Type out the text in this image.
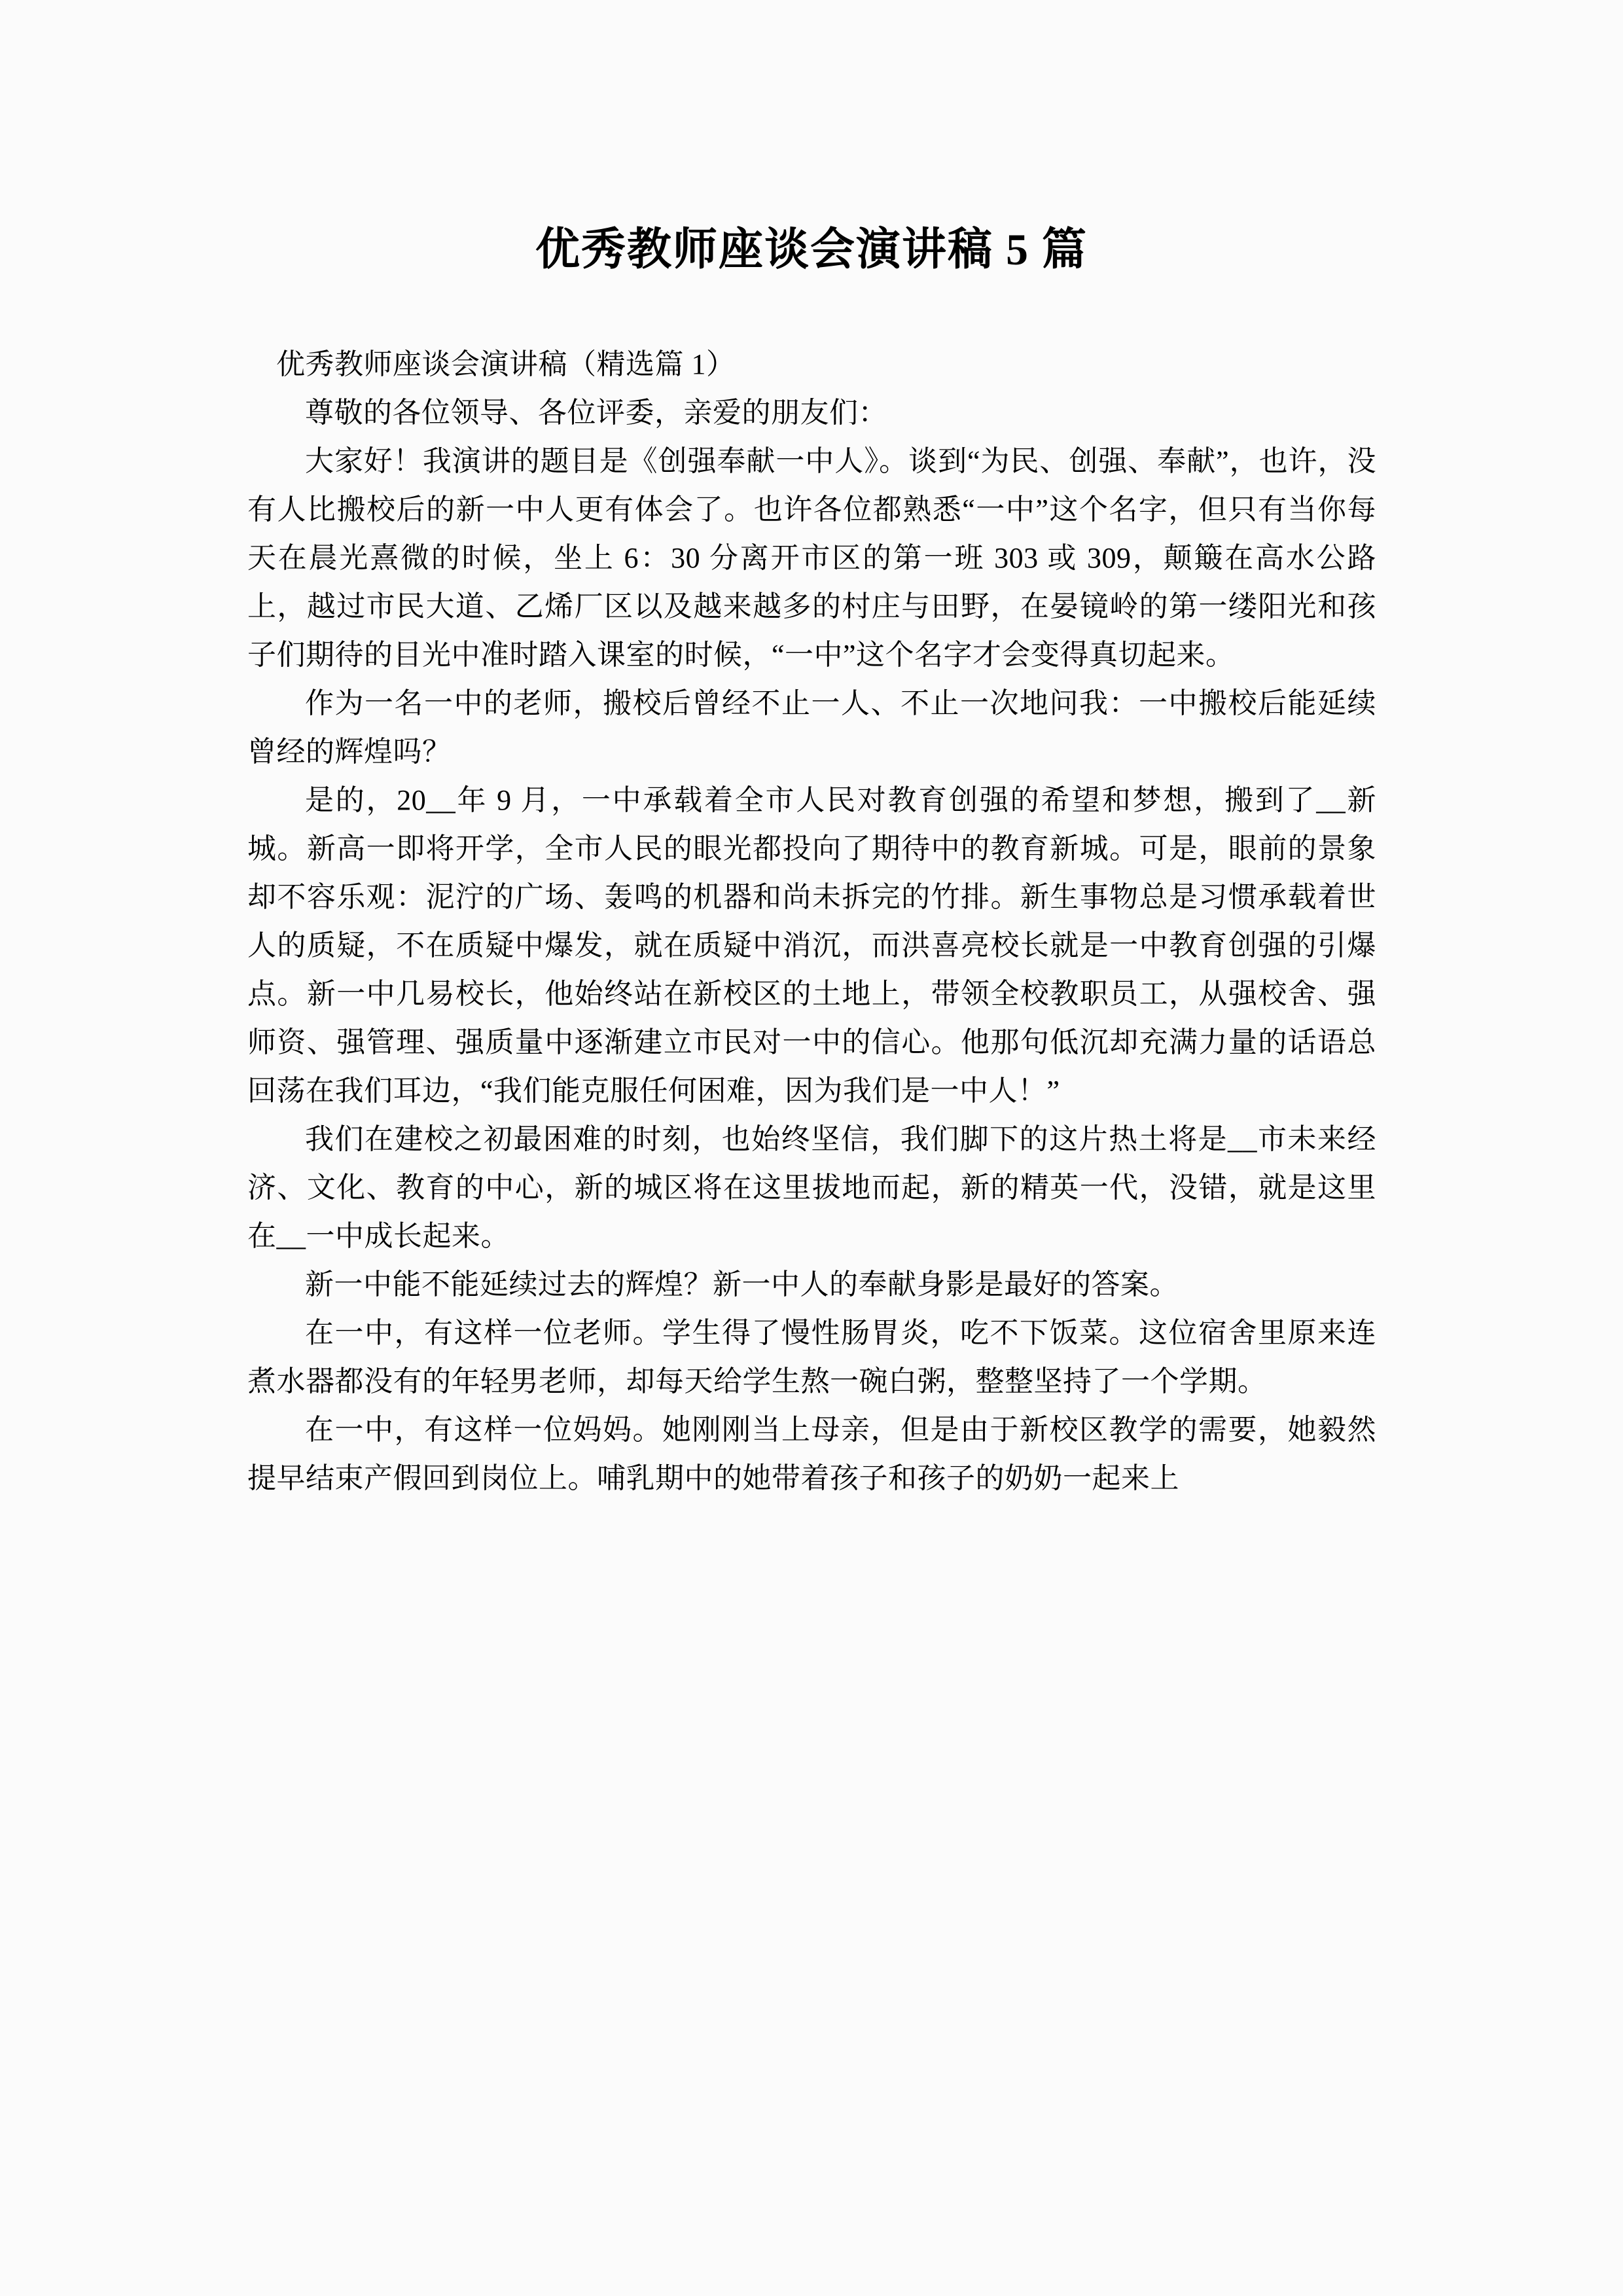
优秀教师座谈会演讲稿 5 篇

优秀教师座谈会演讲稿（精选篇 1）

尊敬的各位领导、各位评委，亲爱的朋友们：

大家好！我演讲的题目是《创强奉献一中人》。谈到“为民、创强、奉献”，也许，没有人比搬校后的新一中人更有体会了。也许各位都熟悉“一中”这个名字，但只有当你每天在晨光熹微的时候，坐上 6：30 分离开市区的第一班 303 或 309，颠簸在高水公路上，越过市民大道、乙烯厂区以及越来越多的村庄与田野，在晏镜岭的第一缕阳光和孩子们期待的目光中准时踏入课室的时候，“一中”这个名字才会变得真切起来。

作为一名一中的老师，搬校后曾经不止一人、不止一次地问我：一中搬校后能延续曾经的辉煌吗？

是的，20__年 9 月，一中承载着全市人民对教育创强的希望和梦想，搬到了__新城。新高一即将开学，全市人民的眼光都投向了期待中的教育新城。可是，眼前的景象却不容乐观：泥泞的广场、轰鸣的机器和尚未拆完的竹排。新生事物总是习惯承载着世人的质疑，不在质疑中爆发，就在质疑中消沉，而洪喜亮校长就是一中教育创强的引爆点。新一中几易校长，他始终站在新校区的土地上，带领全校教职员工，从强校舍、强师资、强管理、强质量中逐渐建立市民对一中的信心。他那句低沉却充满力量的话语总回荡在我们耳边，“我们能克服任何困难，因为我们是一中人！”

我们在建校之初最困难的时刻，也始终坚信，我们脚下的这片热土将是__市未来经济、文化、教育的中心，新的城区将在这里拔地而起，新的精英一代，没错，就是这里在__一中成长起来。

新一中能不能延续过去的辉煌？新一中人的奉献身影是最好的答案。

在一中，有这样一位老师。学生得了慢性肠胃炎，吃不下饭菜。这位宿舍里原来连煮水器都没有的年轻男老师，却每天给学生熬一碗白粥，整整坚持了一个学期。

在一中，有这样一位妈妈。她刚刚当上母亲，但是由于新校区教学的需要，她毅然提早结束产假回到岗位上。哺乳期中的她带着孩子和孩子的奶奶一起来上
